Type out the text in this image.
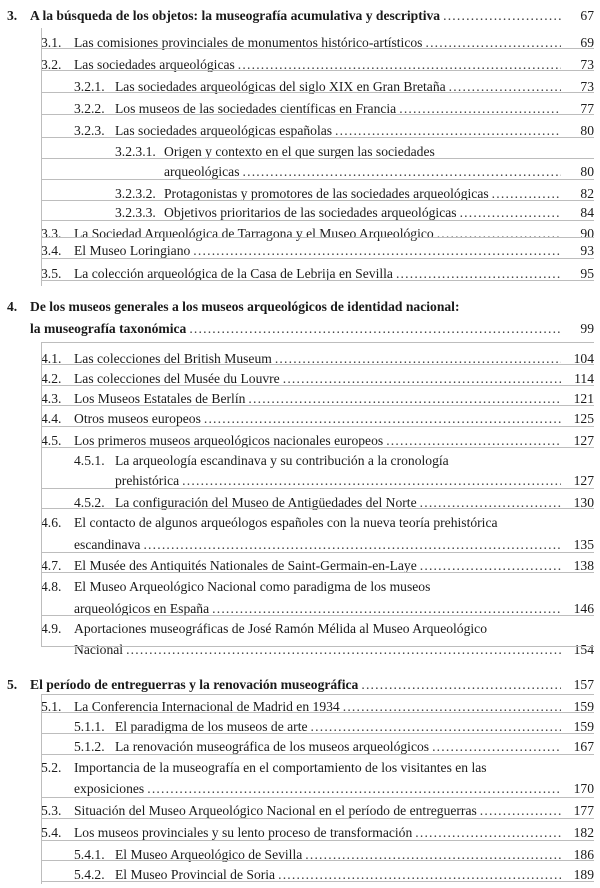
3. A la búsqueda de los objetos: la museografía acumulativa y descriptiva .....	67
3.1. Las comisiones provinciales de monumentos histórico-artísticos .....	69
3.2. Las sociedades arqueológicas .....	73
3.2.1. Las sociedades arqueológicas del siglo XIX en Gran Bretaña .....	73
3.2.2. Los museos de las sociedades científicas en Francia .....	77
3.2.3. Las sociedades arqueológicas españolas .....	80
3.2.3.1. Origen y contexto en el que surgen las sociedades
arqueológicas .....	80
3.2.3.2. Protagonistas y promotores de las sociedades arqueológicas .....	82
3.2.3.3. Objetivos prioritarios de las sociedades arqueológicas .....	84
3.3. La Sociedad Arqueológica de Tarragona y el Museo Arqueológico .....	90
3.4. El Museo Loringiano .....	93
3.5. La colección arqueológica de la Casa de Lebrija en Sevilla .....	95
4. De los museos generales a los museos arqueológicos de identidad nacional:
la museografía taxonómica .....	99
4.1. Las colecciones del British Museum .....	104
4.2. Las colecciones del Musée du Louvre .....	114
4.3. Los Museos Estatales de Berlín .....	121
4.4. Otros museos europeos .....	125
4.5. Los primeros museos arqueológicos nacionales europeos .....	127
4.5.1. La arqueología escandinava y su contribución a la cronología
prehistórica .....	127
4.5.2. La configuración del Museo de Antigüedades del Norte .....	130
4.6. El contacto de algunos arqueólogos españoles con la nueva teoría prehistórica
escandinava .....	135
4.7. El Musée des Antiquités Nationales de Saint-Germain-en-Laye .....	138
4.8. El Museo Arqueológico Nacional como paradigma de los museos
arqueológicos en España .....	146
4.9. Aportaciones museográficas de José Ramón Mélida al Museo Arqueológico
Nacional .....	154
5. El período de entreguerras y la renovación museográfica .....	157
5.1. La Conferencia Internacional de Madrid en 1934 .....	159
5.1.1. El paradigma de los museos de arte .....	159
5.1.2. La renovación museográfica de los museos arqueológicos .....	167
5.2. Importancia de la museografía en el comportamiento de los visitantes en las
exposiciones .....	170
5.3. Situación del Museo Arqueológico Nacional en el período de entreguerras .....	177
5.4. Los museos provinciales y su lento proceso de transformación .....	182
5.4.1. El Museo Arqueológico de Sevilla .....	186
5.4.2. El Museo Provincial de Soria .....	189
